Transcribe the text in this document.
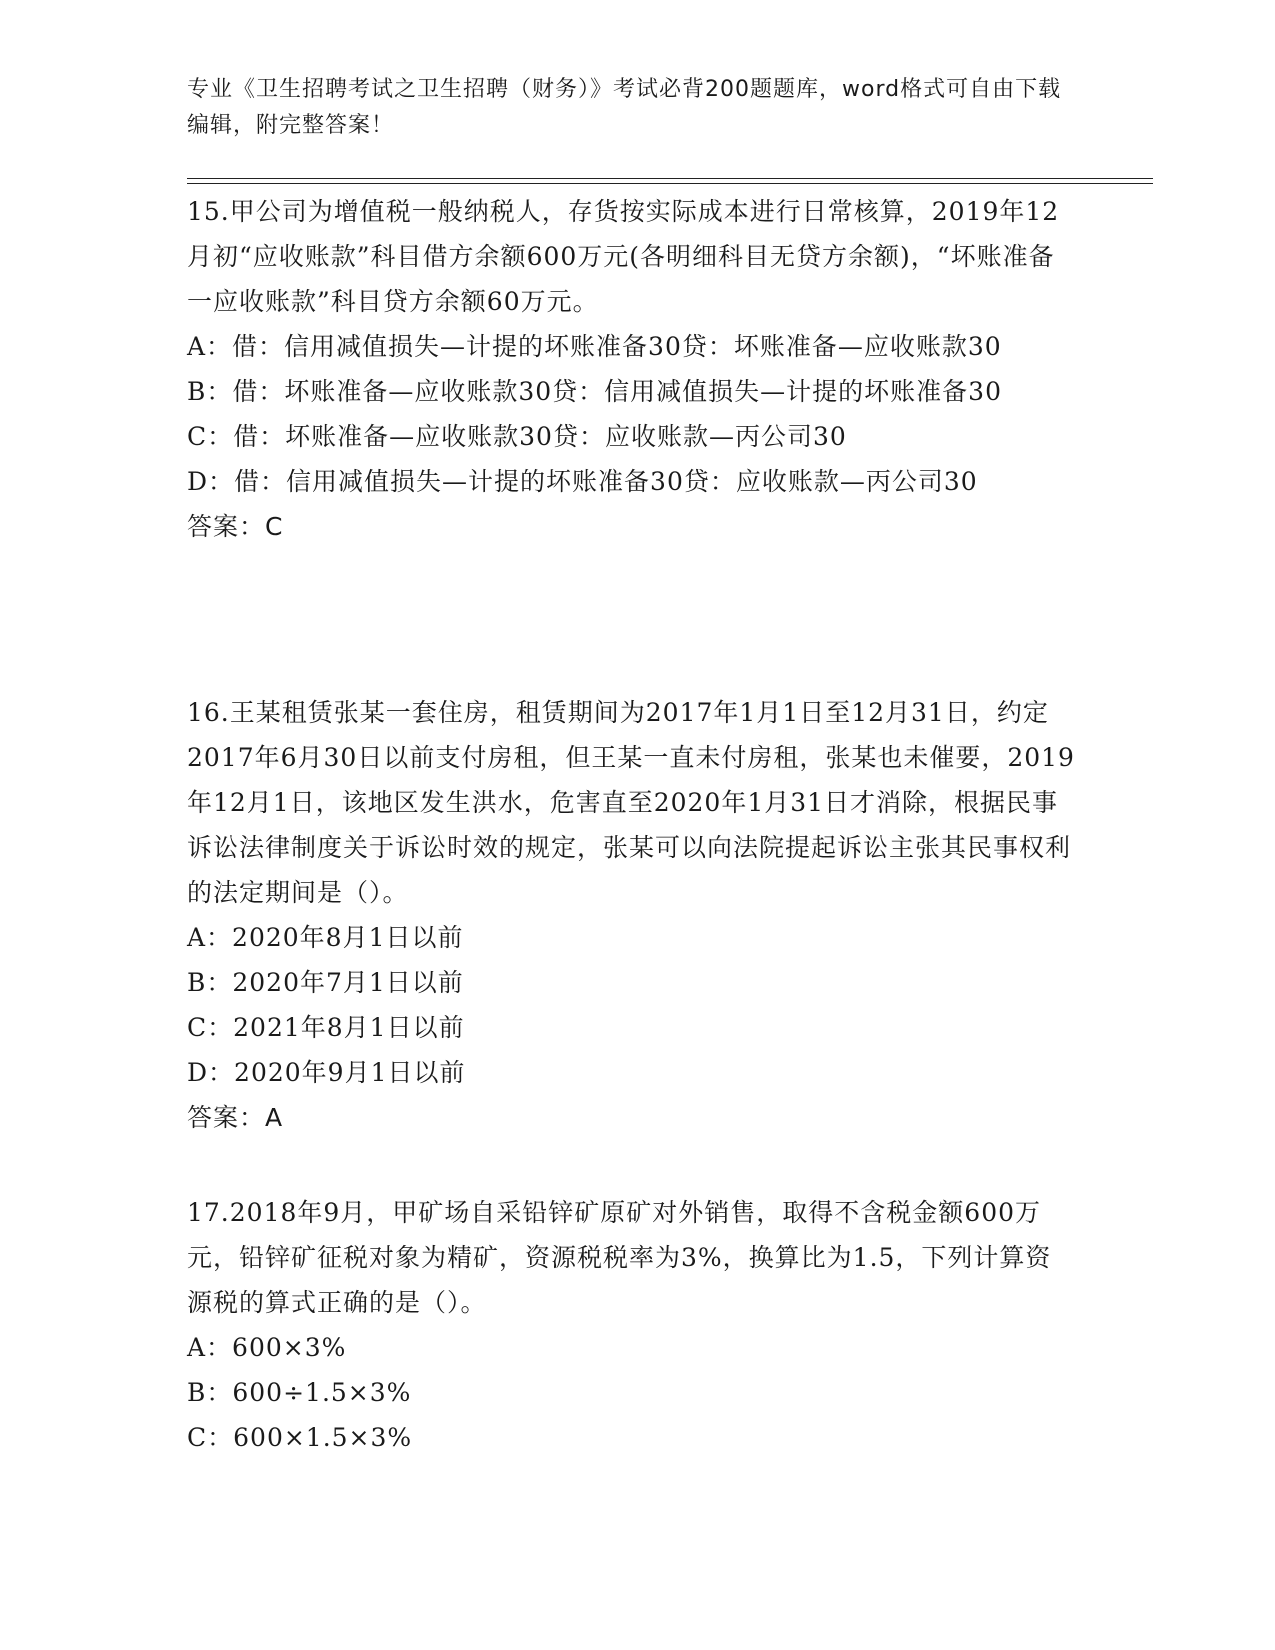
专业《卫生招聘考试之卫生招聘（财务）》考试必背200题题库，word格式可自由下载编辑，附完整答案！
15.甲公司为增值税一般纳税人，存货按实际成本进行日常核算，2019年12月初“应收账款”科目借方余额600万元(各明细科目无贷方余额)，“坏账准备一应收账款”科目贷方余额60万元。
A：借：信用减值损失—计提的坏账准备30贷：坏账准备—应收账款30
B：借：坏账准备—应收账款30贷：信用减值损失—计提的坏账准备30
C：借：坏账准备—应收账款30贷：应收账款—丙公司30
D：借：信用减值损失—计提的坏账准备30贷：应收账款—丙公司30
答案：C
16.王某租赁张某一套住房，租赁期间为2017年1月1日至12月31日，约定2017年6月30日以前支付房租，但王某一直未付房租，张某也未催要，2019年12月1日，该地区发生洪水，危害直至2020年1月31日才消除，根据民事诉讼法律制度关于诉讼时效的规定，张某可以向法院提起诉讼主张其民事权利的法定期间是（）。
A：2020年8月1日以前
B：2020年7月1日以前
C：2021年8月1日以前
D：2020年9月1日以前
答案：A
17.2018年9月，甲矿场自采铅锌矿原矿对外销售，取得不含税金额600万元，铅锌矿征税对象为精矿，资源税税率为3%，换算比为1.5，下列计算资源税的算式正确的是（）。
A：600×3%
B：600÷1.5×3%
C：600×1.5×3%
